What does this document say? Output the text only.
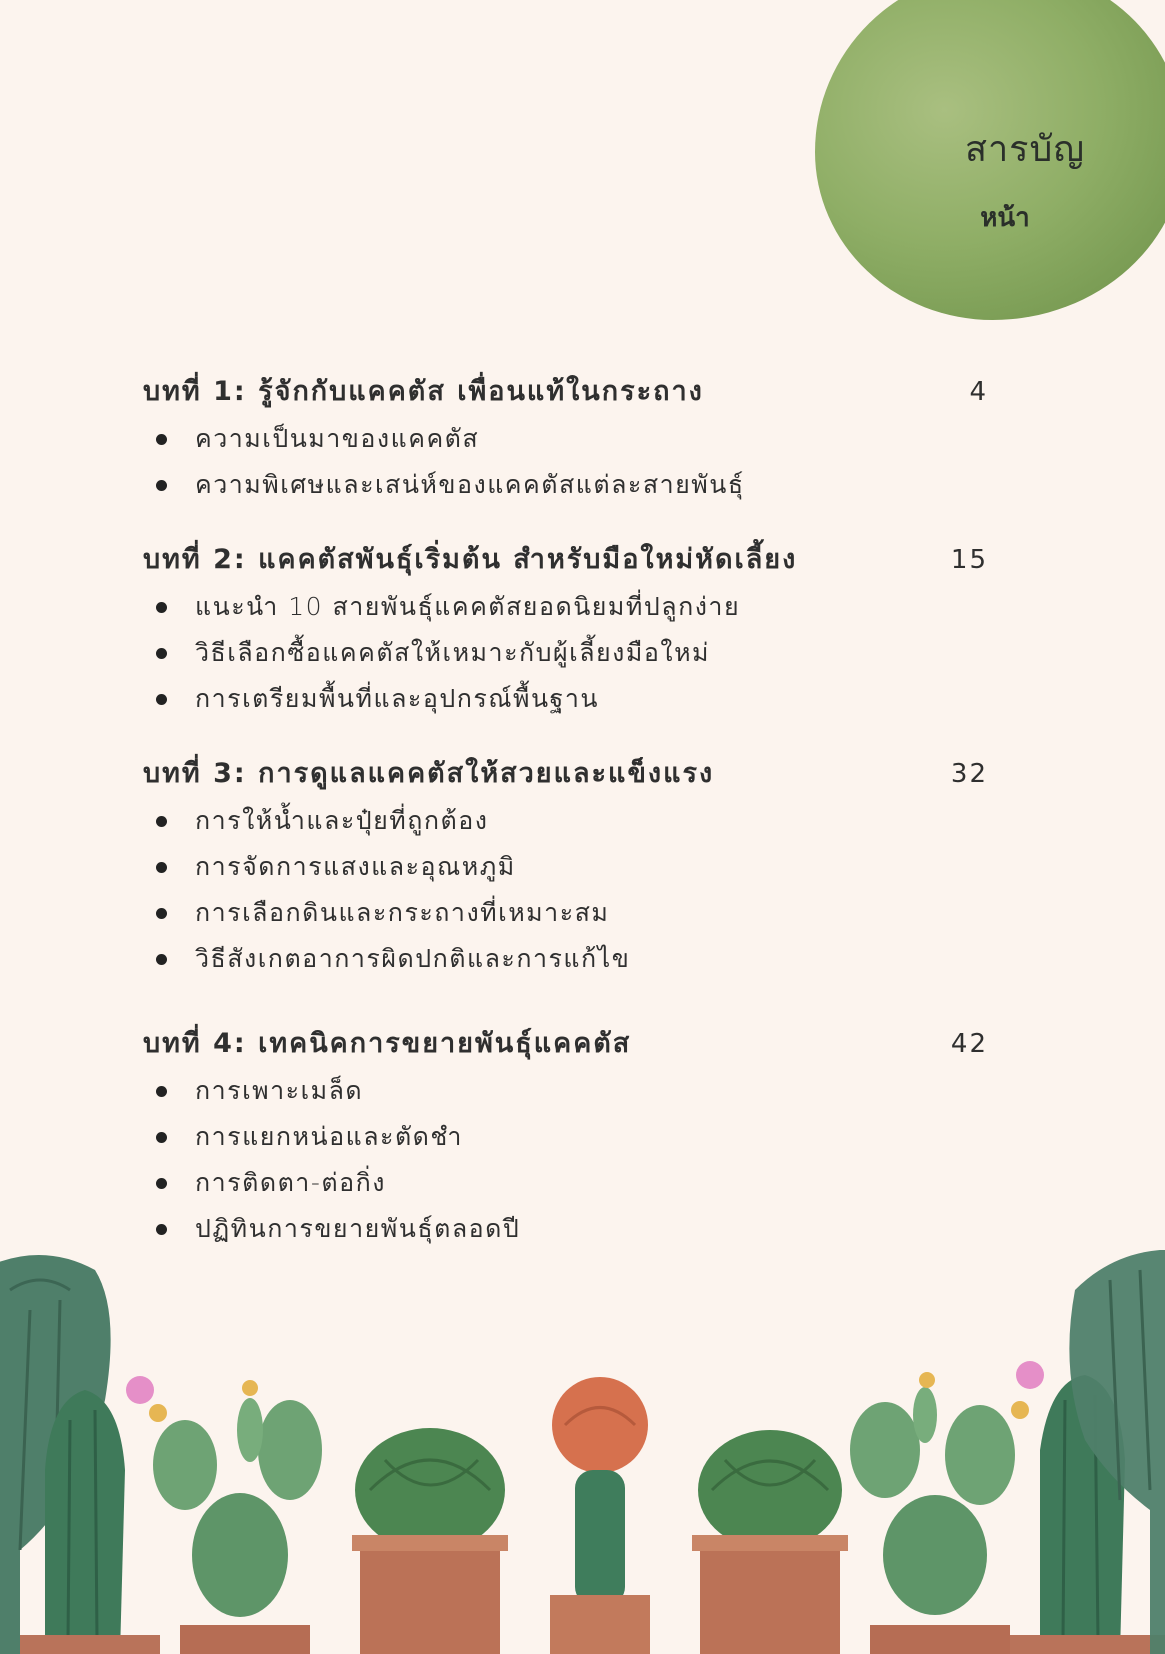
สารบัญ
หน้า
บทที่ 1: รู้จักกับแคคตัส เพื่อนแท้ในกระถาง	4
ความเป็นมาของแคคตัส
ความพิเศษและเสน่ห์ของแคคตัสแต่ละสายพันธุ์
บทที่ 2: แคคตัสพันธุ์เริ่มต้น สำหรับมือใหม่หัดเลี้ยง	15
แนะนำ 10 สายพันธุ์แคคตัสยอดนิยมที่ปลูกง่าย
วิธีเลือกซื้อแคคตัสให้เหมาะกับผู้เลี้ยงมือใหม่
การเตรียมพื้นที่และอุปกรณ์พื้นฐาน
บทที่ 3: การดูแลแคคตัสให้สวยและแข็งแรง	32
การให้น้ำและปุ๋ยที่ถูกต้อง
การจัดการแสงและอุณหภูมิ
การเลือกดินและกระถางที่เหมาะสม
วิธีสังเกตอาการผิดปกติและการแก้ไข
บทที่ 4: เทคนิคการขยายพันธุ์แคคตัส	42
การเพาะเมล็ด
การแยกหน่อและตัดชำ
การติดตา-ต่อกิ่ง
ปฏิทินการขยายพันธุ์ตลอดปี
